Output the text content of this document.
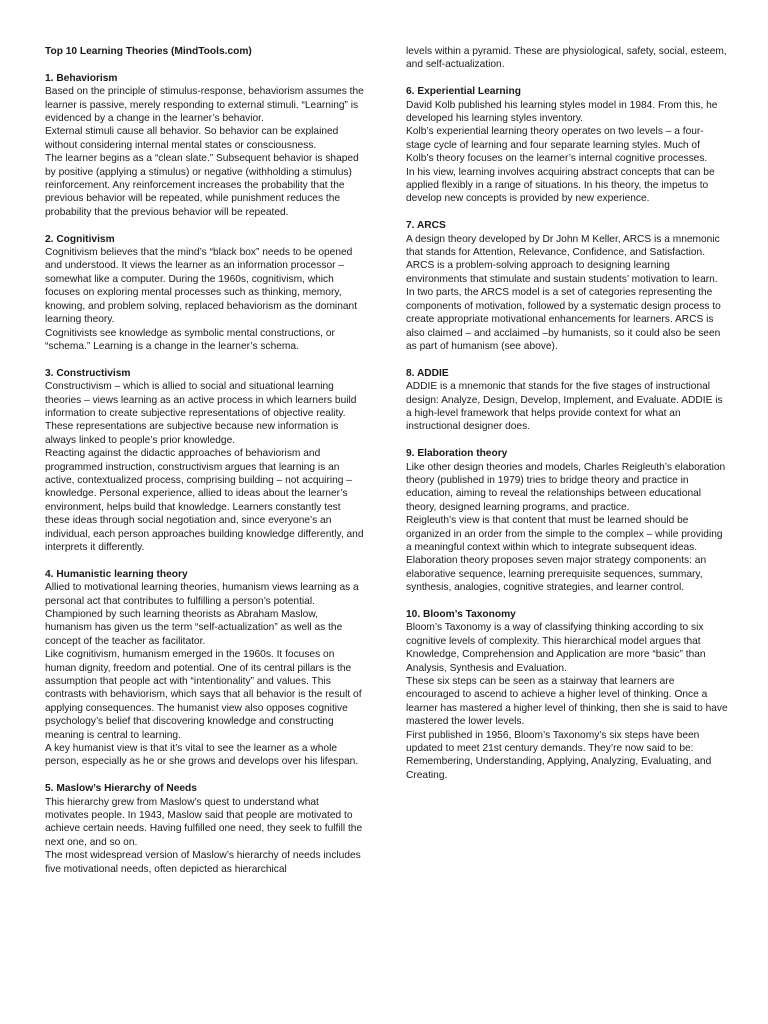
Top 10 Learning Theories (MindTools.com)
1. Behaviorism

Based on the principle of stimulus-response, behaviorism assumes the learner is passive, merely responding to external stimuli. “Learning” is evidenced by a change in the learner’s behavior.

External stimuli cause all behavior. So behavior can be explained without considering internal mental states or consciousness.

The learner begins as a “clean slate.” Subsequent behavior is shaped by positive (applying a stimulus) or negative (withholding a stimulus) reinforcement. Any reinforcement increases the probability that the previous behavior will be repeated, while punishment reduces the probability that the previous behavior will be repeated.

2. Cognitivism

Cognitivism believes that the mind’s “black box” needs to be opened and understood. It views the learner as an information processor – somewhat like a computer. During the 1960s, cognitivism, which focuses on exploring mental processes such as thinking, memory, knowing, and problem solving, replaced behaviorism as the dominant learning theory.

Cognitivists see knowledge as symbolic mental constructions, or “schema.” Learning is a change in the learner’s schema.

3. Constructivism

Constructivism – which is allied to social and situational learning theories – views learning as an active process in which learners build information to create subjective representations of objective reality. These representations are subjective because new information is always linked to people’s prior knowledge.

Reacting against the didactic approaches of behaviorism and programmed instruction, constructivism argues that learning is an active, contextualized process, comprising building – not acquiring – knowledge. Personal experience, allied to ideas about the learner’s environment, helps build that knowledge. Learners constantly test these ideas through social negotiation and, since everyone’s an individual, each person approaches building knowledge differently, and interprets it differently.

4. Humanistic learning theory

Allied to motivational learning theories, humanism views learning as a personal act that contributes to fulfilling a person’s potential. Championed by such learning theorists as Abraham Maslow, humanism has given us the term “self-actualization” as well as the concept of the teacher as facilitator.

Like cognitivism, humanism emerged in the 1960s. It focuses on human dignity, freedom and potential. One of its central pillars is the assumption that people act with “intentionality” and values. This contrasts with behaviorism, which says that all behavior is the result of applying consequences. The humanist view also opposes cognitive psychology’s belief that discovering knowledge and constructing meaning is central to learning.

A key humanist view is that it’s vital to see the learner as a whole person, especially as he or she grows and develops over his lifespan.

5. Maslow’s Hierarchy of Needs

This hierarchy grew from Maslow’s quest to understand what motivates people. In 1943, Maslow said that people are motivated to achieve certain needs. Having fulfilled one need, they seek to fulfill the next one, and so on.

The most widespread version of Maslow’s hierarchy of needs includes five motivational needs, often depicted as hierarchical

levels within a pyramid. These are physiological, safety, social, esteem, and self-actualization.

6. Experiential Learning

David Kolb published his learning styles model in 1984. From this, he developed his learning styles inventory.

Kolb’s experiential learning theory operates on two levels – a four-stage cycle of learning and four separate learning styles. Much of Kolb’s theory focuses on the learner’s internal cognitive processes.

In his view, learning involves acquiring abstract concepts that can be applied flexibly in a range of situations. In his theory, the impetus to develop new concepts is provided by new experience.

7. ARCS

A design theory developed by Dr John M Keller, ARCS is a mnemonic that stands for Attention, Relevance, Confidence, and Satisfaction. ARCS is a problem-solving approach to designing learning environments that stimulate and sustain students’ motivation to learn. In two parts, the ARCS model is a set of categories representing the components of motivation, followed by a systematic design process to create appropriate motivational enhancements for learners. ARCS is also claimed – and acclaimed –by humanists, so it could also be seen as part of humanism (see above).

8. ADDIE

ADDIE is a mnemonic that stands for the five stages of instructional design: Analyze, Design, Develop, Implement, and Evaluate. ADDIE is a high-level framework that helps provide context for what an instructional designer does.

9. Elaboration theory

Like other design theories and models, Charles Reigleuth’s elaboration theory (published in 1979) tries to bridge theory and practice in education, aiming to reveal the relationships between educational theory, designed learning programs, and practice.

Reigleuth’s view is that content that must be learned should be organized in an order from the simple to the complex – while providing a meaningful context within which to integrate subsequent ideas. Elaboration theory proposes seven major strategy components: an elaborative sequence, learning prerequisite sequences, summary, synthesis, analogies, cognitive strategies, and learner control.

10. Bloom’s Taxonomy

Bloom’s Taxonomy is a way of classifying thinking according to six cognitive levels of complexity. This hierarchical model argues that Knowledge, Comprehension and Application are more “basic” than Analysis, Synthesis and Evaluation.

These six steps can be seen as a stairway that learners are encouraged to ascend to achieve a higher level of thinking. Once a learner has mastered a higher level of thinking, then she is said to have mastered the lower levels.

First published in 1956, Bloom’s Taxonomy’s six steps have been updated to meet 21st century demands. They’re now said to be: Remembering, Understanding, Applying, Analyzing, Evaluating, and Creating.
